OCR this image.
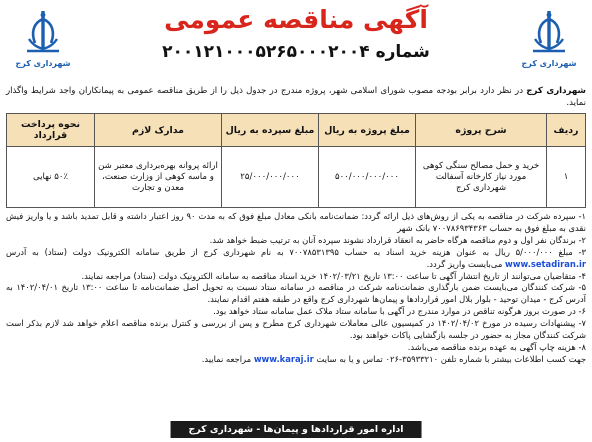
شهرداری کرج
آگهی مناقصه عمومی
شماره ۲۰۰۱۲۱۰۰۰۵۲۶۵۰۰۰۲۰۰۴
شهرداری کرج

شهرداری کرج در نظر دارد برابر بودجه مصوب شورای اسلامی شهر، پروژه مندرج در جدول ذیل را از طریق مناقصه عمومی به پیمانکاران واجد شرایط واگذار نماید.

ردیف	شرح پروژه	مبلغ پروژه به ریال	مبلغ سپرده به ریال	مدارک لازم	نحوه پرداخت قرارداد
۱	خرید و حمل مصالح سنگی کوهی مورد نیاز کارخانه آسفالت شهرداری کرج	۵۰۰/۰۰۰/۰۰۰/۰۰۰	۲۵/۰۰۰/۰۰۰/۰۰۰	ارائه پروانه بهره‌برداری معتبر شن و ماسه کوهی از وزارت صنعت، معدن و تجارت	۵۰٪ نهایی

۱- سپرده شرکت در مناقصه به یکی از روش‌های ذیل ارائه گردد: ضمانت‌نامه بانکی معادل مبلغ فوق که به مدت ۹۰ روز اعتبار داشته و قابل تمدید باشد و یا واریز فیش نقدی به مبلغ فوق به حساب ۷۰۰۷۸۶۹۳۴۳۶۳ بانک شهر

۲- برندگان نفر اول و دوم مناقصه هرگاه حاضر به انعقاد قرارداد نشوند سپرده آنان به ترتیب ضبط خواهد شد.

۳- مبلغ ۵/۰۰۰/۰۰۰ ریال به عنوان هزینه خرید اسناد به حساب ۷۰۰۷۸۵۳۱۳۹۵ به نام شهرداری کرج از طریق سامانه الکترونیک دولت (ستاد) به آدرس www.setadiran.ir می‌بایست واریز گردد.

۴- متقاضیان می‌توانند از تاریخ انتشار آگهی تا ساعت ۱۳:۰۰ تاریخ ۱۴۰۲/۰۳/۲۱ خرید اسناد مناقصه به سامانه الکترونیک دولت (ستاد) مراجعه نمایند.

۵- شرکت کنندگان می‌بایست ضمن بارگذاری ضمانت‌نامه شرکت در مناقصه در سامانه ستاد نسبت به تحویل اصل ضمانت‌نامه تا ساعت ۱۳:۰۰ تاریخ ۱۴۰۲/۰۴/۰۱ به آدرس کرج - میدان توحید - بلوار بلال امور قراردادها و پیمان‌ها شهرداری کرج واقع در طبقه هفتم اقدام نمایند.

۶- در صورت بروز هرگونه تناقص در موارد مندرج در آگهی با سامانه ستاد ملاک عمل سامانه ستاد خواهد بود.

۷- پیشنهادات رسیده در مورخ ۱۴۰۲/۰۴/۰۲ در کمیسیون عالی معاملات شهرداری کرج مطرح و پس از بررسی و کنترل برنده مناقصه اعلام خواهد شد لازم بذکر است شرکت کنندگان مجاز به حضور در جلسه بازگشایی پاکات خواهند بود.

۸- هزینه چاپ آگهی به عهده برنده مناقصه می‌باشد.

جهت کسب اطلاعات بیشتر با شماره تلفن ۳۵۹۳۳۲۱۰-۰۲۶ تماس و یا به سایت www.karaj.ir مراجعه نمایید.

اداره امور قراردادها و پیمان‌ها - شهرداری کرج
